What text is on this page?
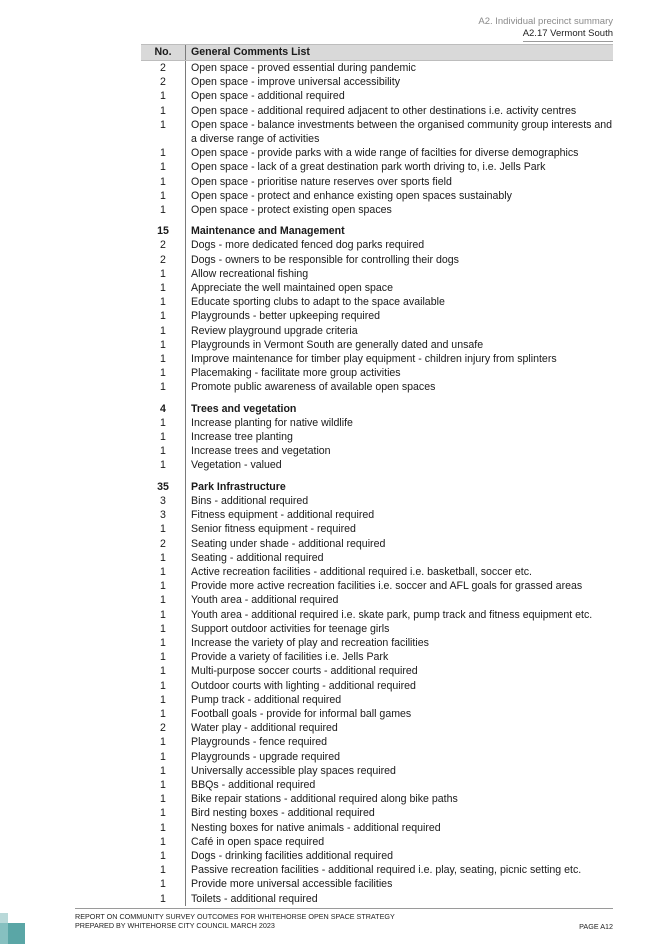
A2. Individual precinct summary
A2.17 Vermont South
No.	General Comments List
2	Open space - proved essential during pandemic
2	Open space - improve universal accessibility
1	Open space - additional required
1	Open space - additional required adjacent to other destinations i.e. activity centres
1	Open space - balance investments between the organised community group interests and a diverse range of activities
1	Open space - provide parks with a wide range of facilties for diverse demographics
1	Open space - lack of a great destination park worth driving to, i.e. Jells Park
1	Open space - prioritise nature reserves over sports field
1	Open space - protect and enhance existing open spaces sustainably
1	Open space - protect existing open spaces
15	Maintenance and Management
2	Dogs - more dedicated fenced dog parks required
2	Dogs - owners to be responsible for controlling their dogs
1	Allow recreational fishing
1	Appreciate the well maintained open space
1	Educate sporting clubs to adapt to the space available
1	Playgrounds - better upkeeping required
1	Review playground upgrade criteria
1	Playgrounds in Vermont South are generally dated and unsafe
1	Improve maintenance for timber play equipment - children injury from splinters
1	Placemaking - facilitate more group activities
1	Promote public awareness of available open spaces
4	Trees and vegetation
1	Increase planting for native wildlife
1	Increase tree planting
1	Increase trees and vegetation
1	Vegetation - valued
35	Park Infrastructure
3	Bins - additional required
3	Fitness equipment - additional required
1	Senior fitness equipment - required
2	Seating under shade - additional required
1	Seating - additional required
1	Active recreation facilities - additional required i.e. basketball, soccer etc.
1	Provide more active recreation facilities i.e. soccer and AFL goals for grassed areas
1	Youth area - additional required
1	Youth area - additional required i.e. skate park, pump track and fitness equipment etc.
1	Support outdoor activities for teenage girls
1	Increase the variety of play and recreation facilities
1	Provide a variety of facilities i.e. Jells Park
1	Multi-purpose soccer courts - additional required
1	Outdoor courts with lighting - additional required
1	Pump track - additional required
1	Football goals - provide for informal ball games
2	Water play - additional required
1	Playgrounds - fence required
1	Playgrounds - upgrade required
1	Universally accessible play spaces required
1	BBQs - additional required
1	Bike repair stations - additional required along bike paths
1	Bird nesting boxes - additional required
1	Nesting boxes for native animals - additional required
1	Café in open space required
1	Dogs - drinking facilities additional required
1	Passive recreation facilities - additional required i.e. play, seating, picnic setting etc.
1	Provide more universal accessible facilities
1	Toilets - additional required
REPORT ON COMMUNITY SURVEY OUTCOMES FOR WHITEHORSE OPEN SPACE STRATEGY
PREPARED BY WHITEHORSE CITY COUNCIL MARCH 2023	PAGE A12
